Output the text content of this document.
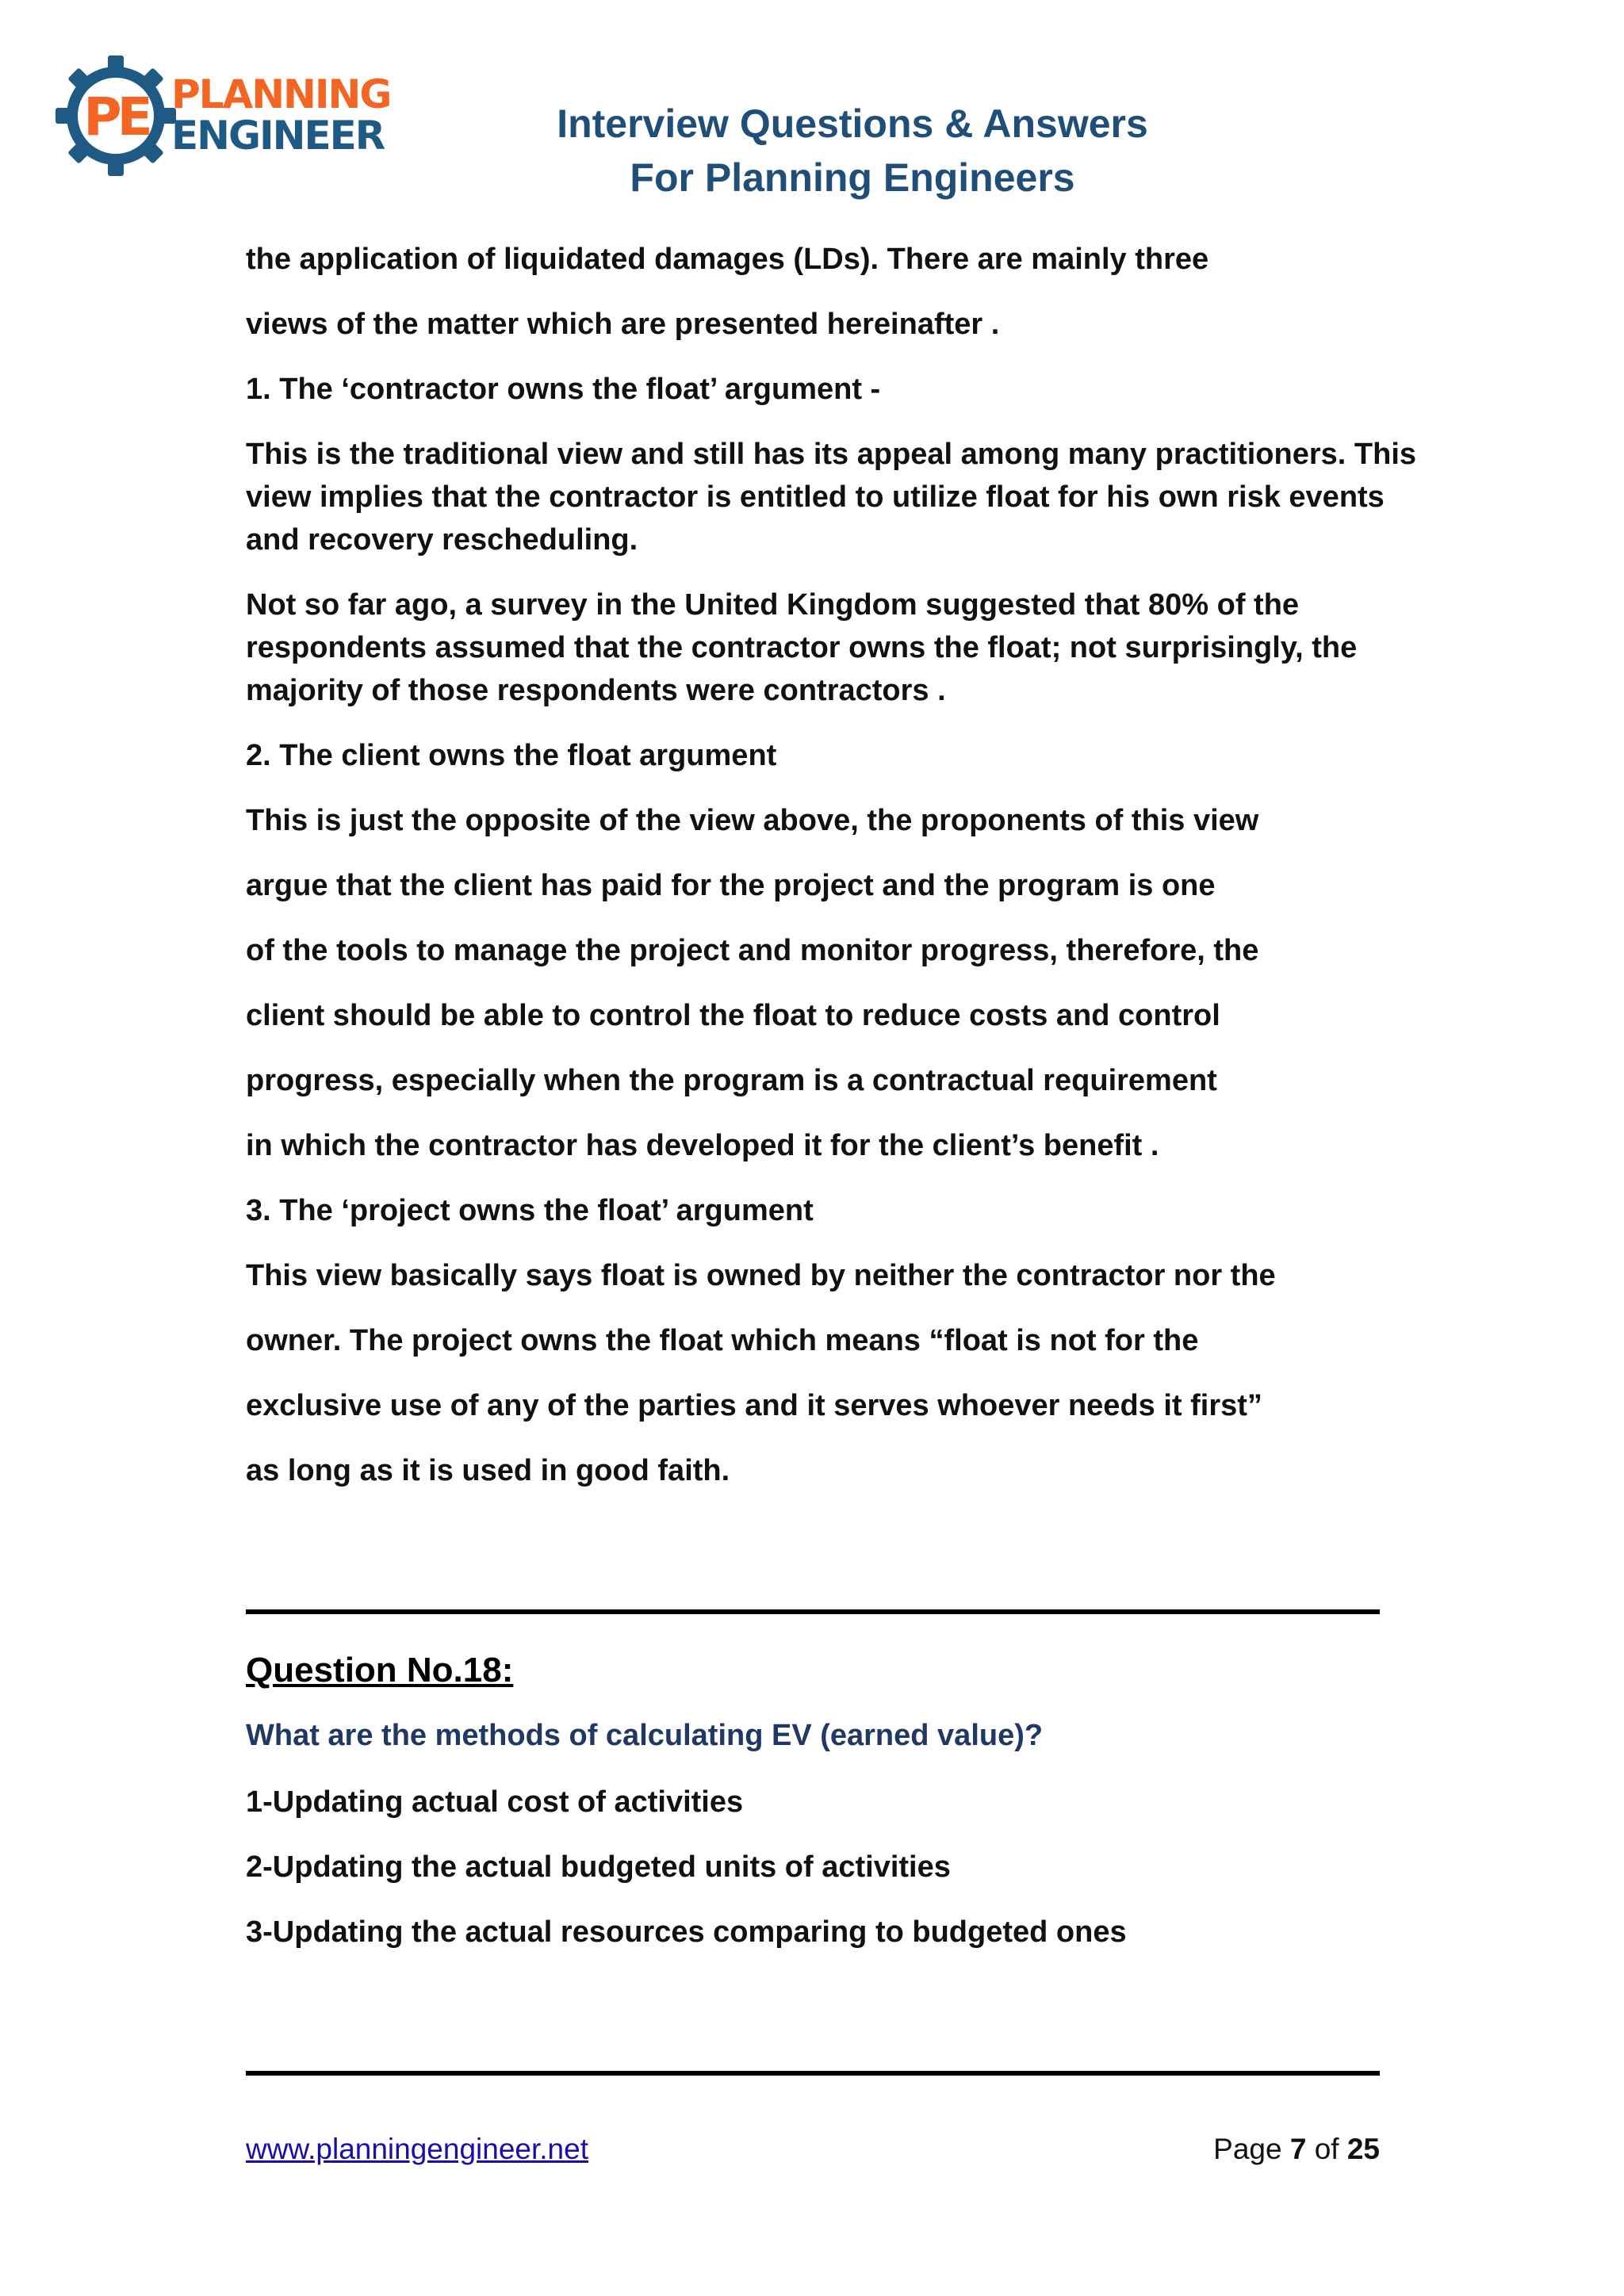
PE PLANNING
ENGINEER	Interview Questions & Answers
For Planning Engineers

the application of liquidated damages (LDs). There are mainly three

views of the matter which are presented hereinafter .

1. The ‘contractor owns the float’ argument -

This is the traditional view and still has its appeal among many practitioners. This

view implies that the contractor is entitled to utilize float for his own risk events

and recovery rescheduling.

Not so far ago, a survey in the United Kingdom suggested that 80% of the

respondents assumed that the contractor owns the float; not surprisingly, the

majority of those respondents were contractors .

2. The client owns the float argument

This is just the opposite of the view above, the proponents of this view

argue that the client has paid for the project and the program is one

of the tools to manage the project and monitor progress, therefore, the

client should be able to control the float to reduce costs and control

progress, especially when the program is a contractual requirement

in which the contractor has developed it for the client’s benefit .

3. The ‘project owns the float’ argument

This view basically says float is owned by neither the contractor nor the

owner. The project owns the float which means “float is not for the

exclusive use of any of the parties and it serves whoever needs it first”

as long as it is used in good faith.

Question No.18:
What are the methods of calculating EV (earned value)?
1-Updating actual cost of activities
2-Updating the actual budgeted units of activities
3-Updating the actual resources comparing to budgeted ones
www.planningengineer.net	Page 7 of 25
